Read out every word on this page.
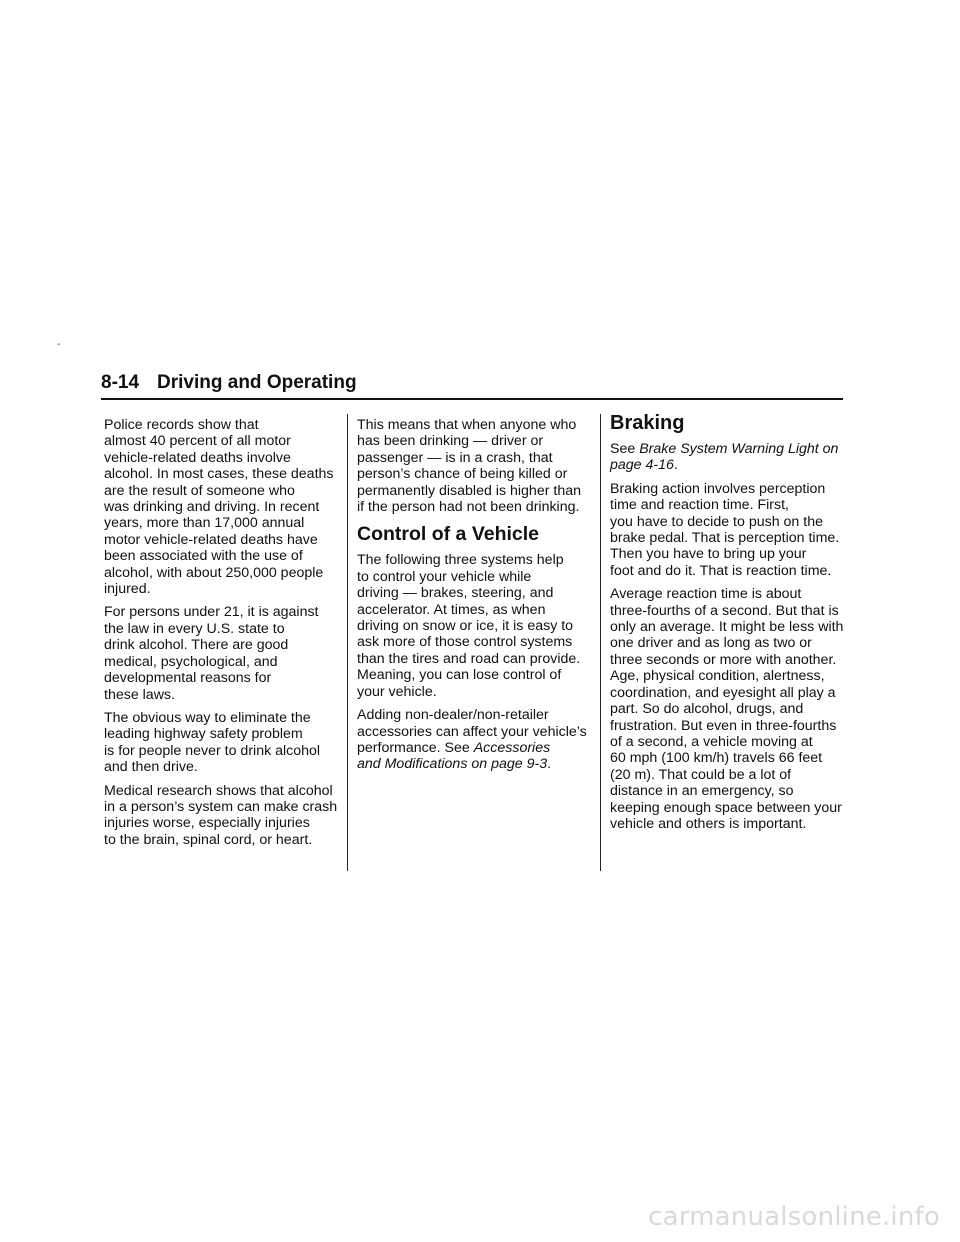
-
8-14 Driving and Operating

Police records show that
almost 40 percent of all motor
vehicle-related deaths involve
alcohol. In most cases, these deaths
are the result of someone who
was drinking and driving. In recent
years, more than 17,000 annual
motor vehicle-related deaths have
been associated with the use of
alcohol, with about 250,000 people
injured.

For persons under 21, it is against
the law in every U.S. state to
drink alcohol. There are good
medical, psychological, and
developmental reasons for
these laws.

The obvious way to eliminate the
leading highway safety problem
is for people never to drink alcohol
and then drive.

Medical research shows that alcohol
in a person’s system can make crash
injuries worse, especially injuries
to the brain, spinal cord, or heart.

This means that when anyone who
has been drinking — driver or
passenger — is in a crash, that
person’s chance of being killed or
permanently disabled is higher than
if the person had not been drinking.

Control of a Vehicle

The following three systems help
to control your vehicle while
driving — brakes, steering, and
accelerator. At times, as when
driving on snow or ice, it is easy to
ask more of those control systems
than the tires and road can provide.
Meaning, you can lose control of
your vehicle.

Adding non-dealer/non-retailer
accessories can affect your vehicle’s
performance. See Accessories
and Modifications on page 9-3.

Braking

See Brake System Warning Light on
page 4-16.

Braking action involves perception
time and reaction time. First,
you have to decide to push on the
brake pedal. That is perception time.
Then you have to bring up your
foot and do it. That is reaction time.

Average reaction time is about
three-fourths of a second. But that is
only an average. It might be less with
one driver and as long as two or
three seconds or more with another.
Age, physical condition, alertness,
coordination, and eyesight all play a
part. So do alcohol, drugs, and
frustration. But even in three-fourths
of a second, a vehicle moving at
60 mph (100 km/h) travels 66 feet
(20 m). That could be a lot of
distance in an emergency, so
keeping enough space between your
vehicle and others is important.

carmanualsonline.info
